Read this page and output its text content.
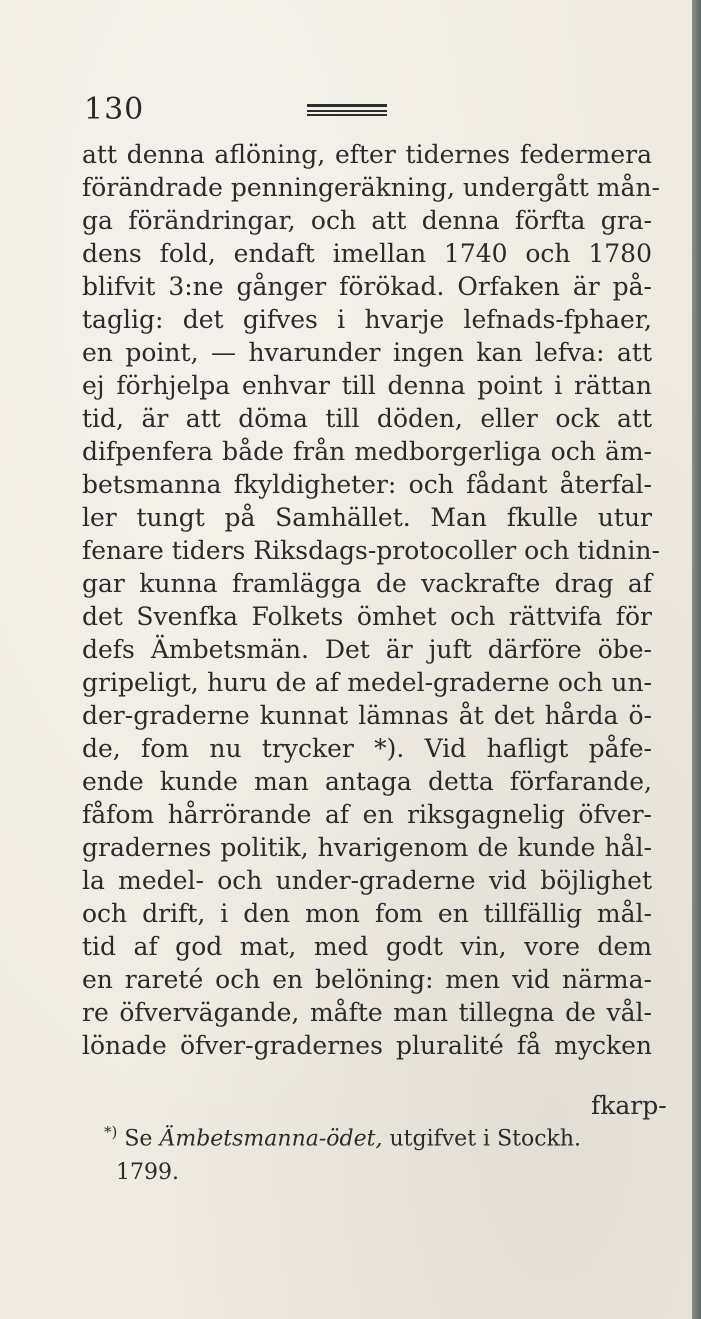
130
att denna aflöning, efter tidernes federmera
förändrade penningeräkning, undergått mån-
ga förändringar, och att denna förfta gra-
dens fold, endaft imellan 1740 och 1780
blifvit 3:ne gånger förökad. Orfaken är på-
taglig: det gifves i hvarje lefnads-fphaer,
en point, — hvarunder ingen kan lefva: att
ej förhjelpa enhvar till denna point i rättan
tid, är att döma till döden, eller ock att
difpenfera både från medborgerliga och äm-
betsmanna fkyldigheter: och fådant återfal-
ler tungt på Samhället. Man fkulle utur
fenare tiders Riksdags-protocoller och tidnin-
gar kunna framlägga de vackrafte drag af
det Svenfka Folkets ömhet och rättvifa för
defs Ämbetsmän. Det är juft därföre öbe-
gripeligt, huru de af medel-graderne och un-
der-graderne kunnat lämnas åt det hårda ö-
de, fom nu trycker *). Vid hafligt påfe-
ende kunde man antaga detta förfarande,
fåfom hårrörande af en riksgagnelig öfver-
gradernes politik, hvarigenom de kunde hål-
la medel- och under-graderne vid böjlighet
och drift, i den mon fom en tillfällig mål-
tid af god mat, med godt vin, vore dem
en rareté och en belöning: men vid närma-
re öfvervägande, måfte man tillegna de vål-
lönade öfver-gradernes pluralité få mycken
fkarp-
*) Se Ämbetsmanna-ödet, utgifvet i Stockh.
1799.
